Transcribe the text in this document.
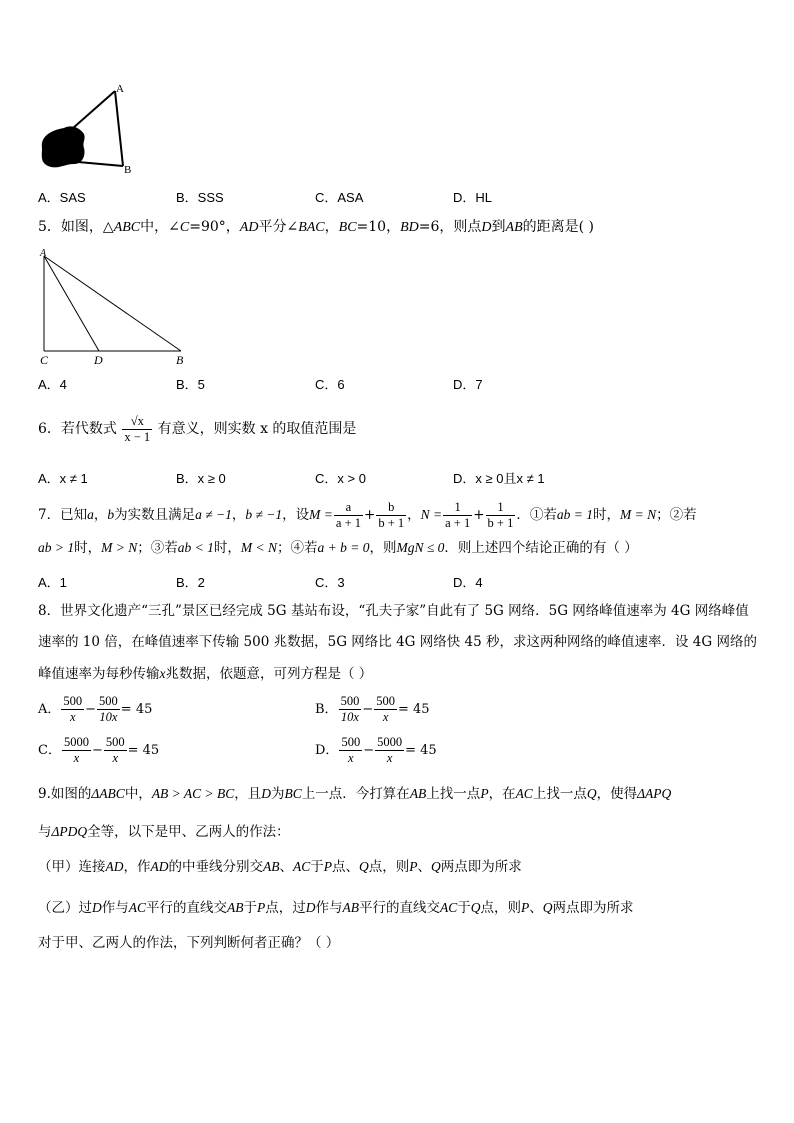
A
B
A．SAS	B．SSS	C．ASA	D．HL
5．如图，△ABC中，∠C=90°，AD平分∠BAC，BC=10，BD=6，则点D到AB的距离是( )
A
C	D	B
A．4	B．5	C．6	D．7
6．若代数式 $\frac{√x}{x - 1}$ 有意义，则实数 x 的取值范围是
A．x ≠ 1	B．x ≥ 0	C．x > 0	D．x ≥ 0且x ≠ 1
7．已知a，b为实数且满足a ≠ −1，b ≠ −1，设$M = \frac{a}{a + 1} + \frac{b}{b + 1}$ ，$N = \frac{1}{a + 1} + \frac{1}{b + 1}$ ．①若ab = 1时，M = N；②若
ab > 1时，M > N；③若ab < 1时，M < N；④若a + b = 0，则MgN ≤ 0．则上述四个结论正确的有（ ）
A．1	B．2	C．3	D．4
8．世界文化遗产“三孔”景区已经完成 5G 基站布设，“孔夫子家”自此有了 5G 网络．5G 网络峰值速率为 4G 网络峰值
速率的 10 倍，在峰值速率下传输 500 兆数据，5G 网络比 4G 网络快 45 秒，求这两种网络的峰值速率．设 4G 网络的
峰值速率为每秒传输x兆数据，依题意，可列方程是（ ）
A． $\frac{500}{x} - \frac{500}{10x} = 45$	B． $\frac{500}{10x} - \frac{500}{x} = 45$
C． $\frac{5000}{x} - \frac{500}{x} = 45$	D． $\frac{500}{x} - \frac{5000}{x} = 45$
9.如图的ΔABC中，AB > AC > BC，且D为BC上一点．今打算在AB上找一点P，在AC上找一点Q，使得ΔAPQ
与ΔPDQ全等，以下是甲、乙两人的作法：
（甲）连接AD，作AD的中垂线分别交AB、AC于P点、Q点，则P、Q两点即为所求
（乙）过D作与AC平行的直线交AB于P点，过D作与AB平行的直线交AC于Q点，则P、Q两点即为所求
对于甲、乙两人的作法，下列判断何者正确？（ ）
